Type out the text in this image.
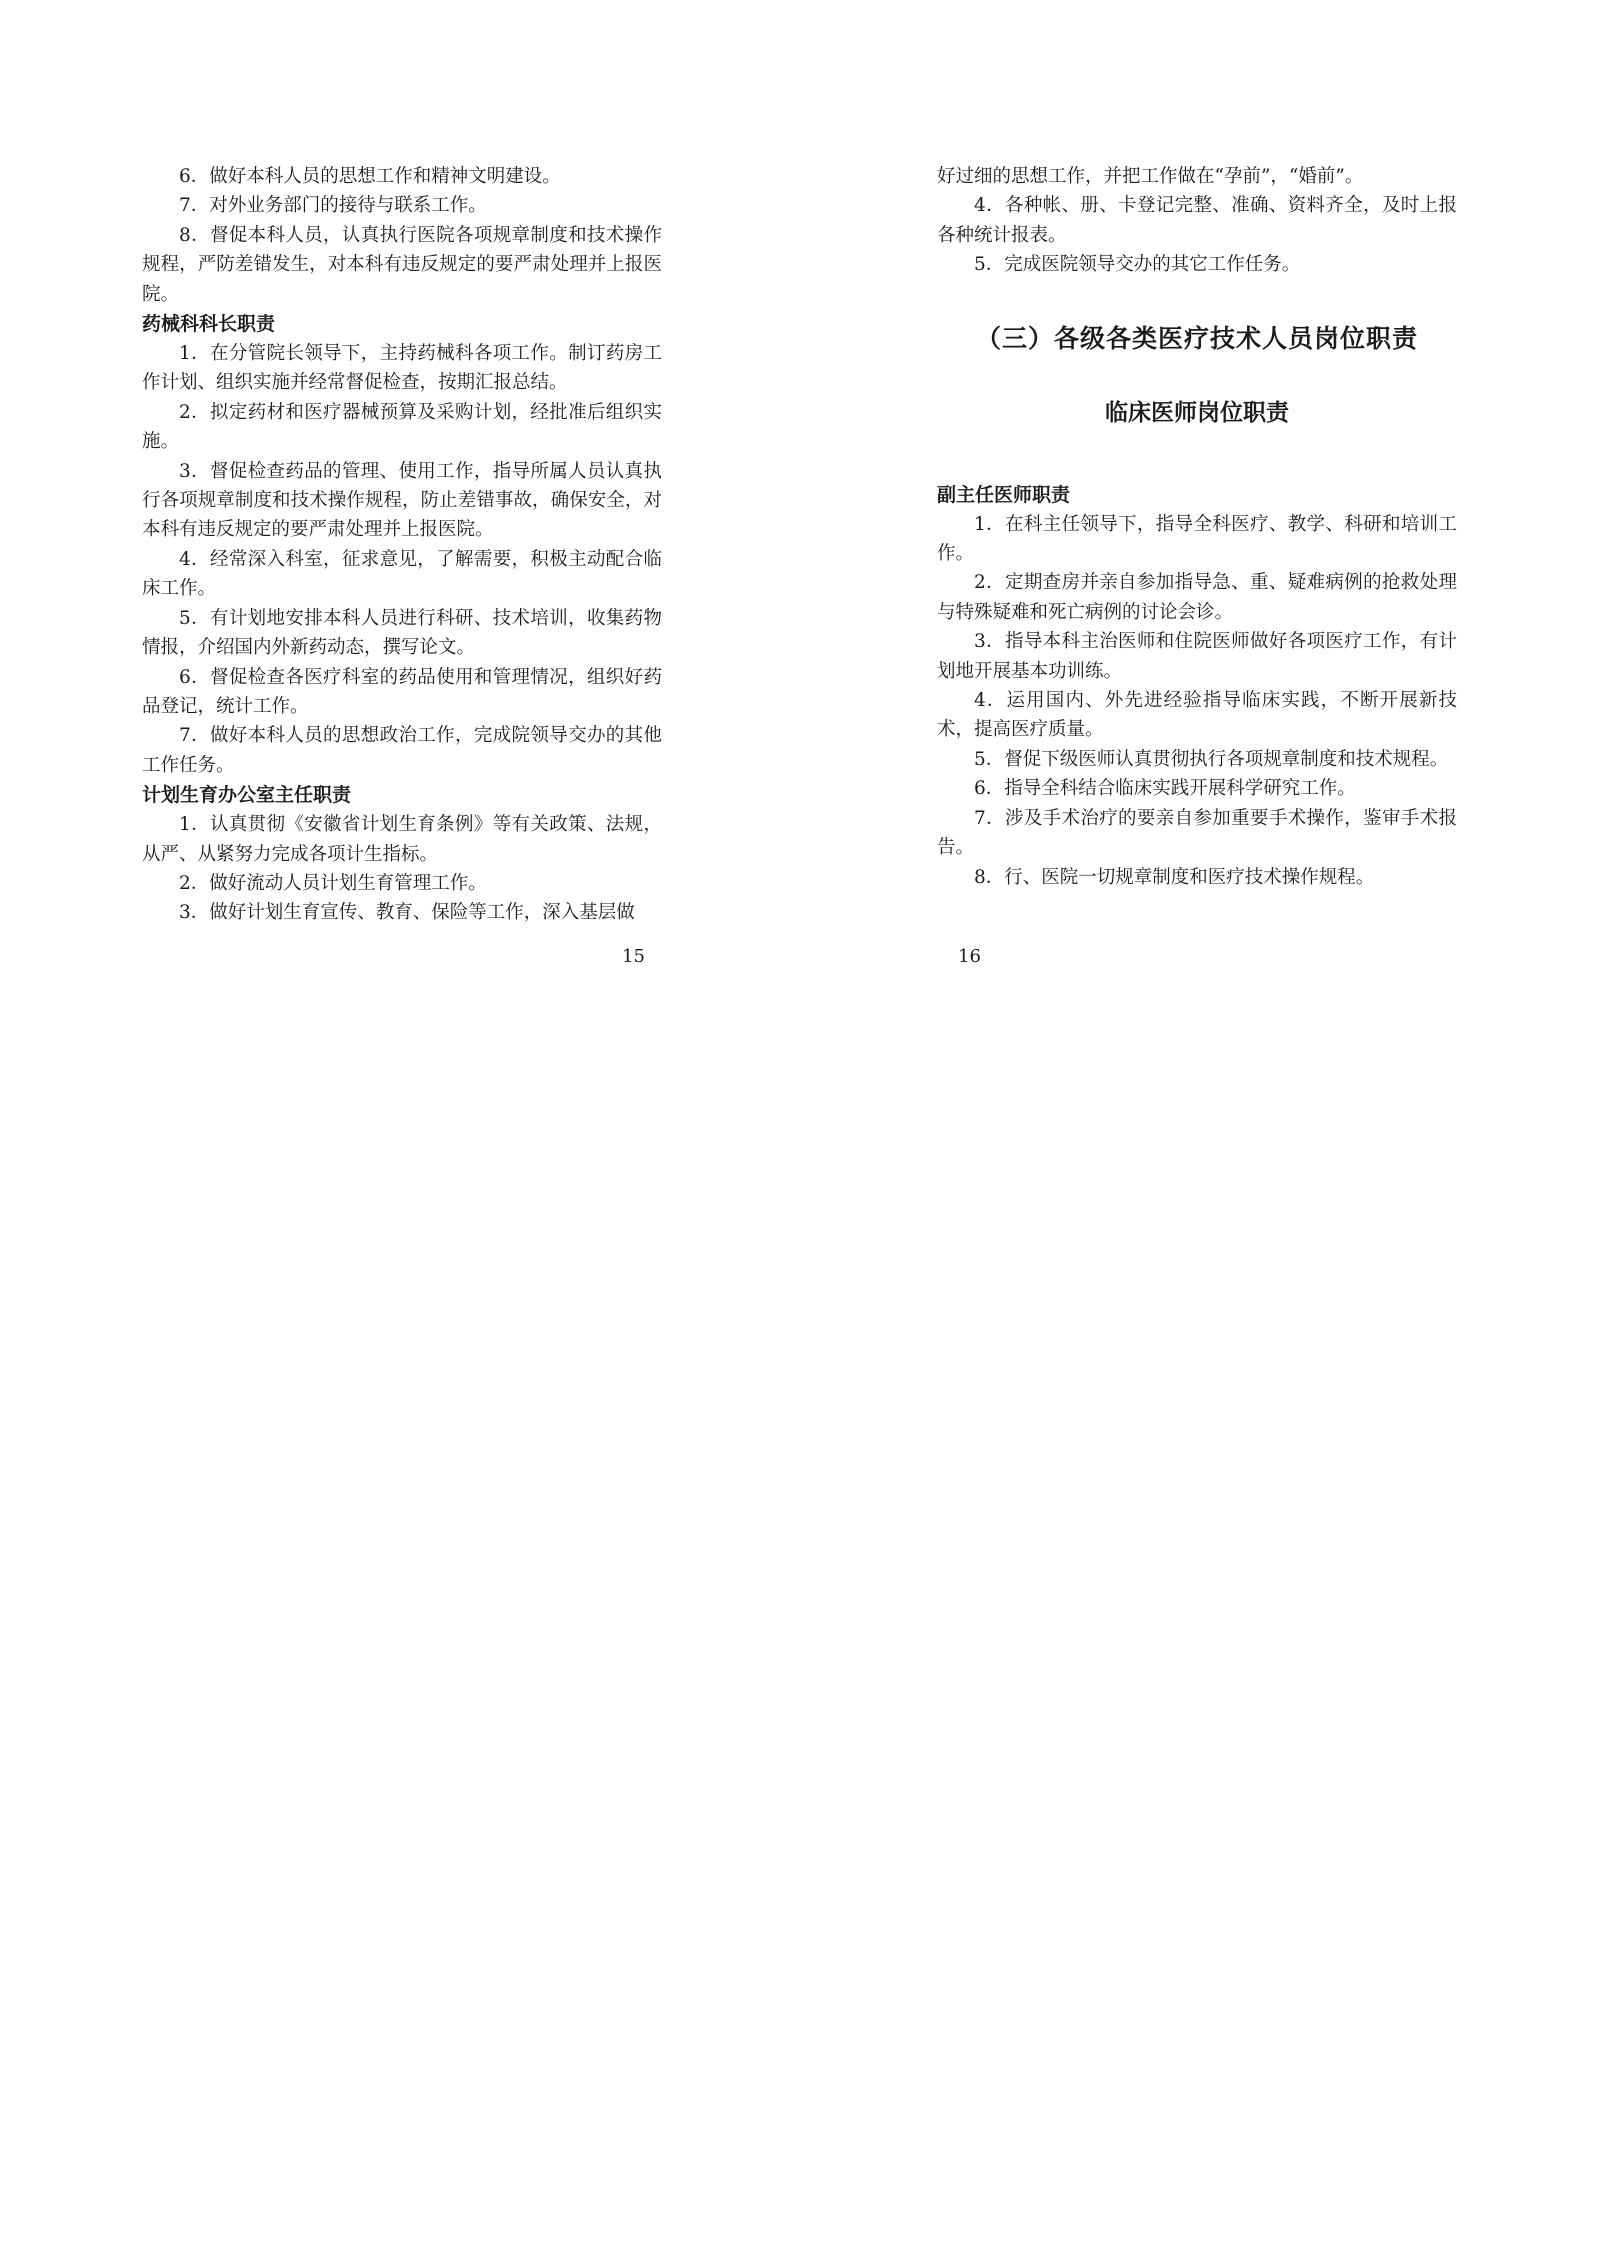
6．做好本科人员的思想工作和精神文明建设。

7．对外业务部门的接待与联系工作。

8．督促本科人员，认真执行医院各项规章制度和技术操作规程，严防差错发生，对本科有违反规定的要严肃处理并上报医院。

药械科科长职责

1．在分管院长领导下，主持药械科各项工作。制订药房工作计划、组织实施并经常督促检查，按期汇报总结。

2．拟定药材和医疗器械预算及采购计划，经批准后组织实施。

3．督促检查药品的管理、使用工作，指导所属人员认真执行各项规章制度和技术操作规程，防止差错事故，确保安全，对本科有违反规定的要严肃处理并上报医院。

4．经常深入科室，征求意见，了解需要，积极主动配合临床工作。

5．有计划地安排本科人员进行科研、技术培训，收集药物情报，介绍国内外新药动态，撰写论文。

6．督促检查各医疗科室的药品使用和管理情况，组织好药品登记，统计工作。

7．做好本科人员的思想政治工作，完成院领导交办的其他工作任务。

计划生育办公室主任职责

1．认真贯彻《安徽省计划生育条例》等有关政策、法规，从严、从紧努力完成各项计生指标。

2．做好流动人员计划生育管理工作。

3．做好计划生育宣传、教育、保险等工作，深入基层做

15

好过细的思想工作，并把工作做在“孕前”，“婚前”。

4．各种帐、册、卡登记完整、准确、资料齐全，及时上报各种统计报表。

5．完成医院领导交办的其它工作任务。

（三）各级各类医疗技术人员岗位职责
临床医师岗位职责

副主任医师职责

1．在科主任领导下，指导全科医疗、教学、科研和培训工作。

2．定期查房并亲自参加指导急、重、疑难病例的抢救处理与特殊疑难和死亡病例的讨论会诊。

3．指导本科主治医师和住院医师做好各项医疗工作，有计划地开展基本功训练。

4．运用国内、外先进经验指导临床实践，不断开展新技术，提高医疗质量。

5．督促下级医师认真贯彻执行各项规章制度和技术规程。

6．指导全科结合临床实践开展科学研究工作。

7．涉及手术治疗的要亲自参加重要手术操作，鉴审手术报告。

8．行、医院一切规章制度和医疗技术操作规程。

16
